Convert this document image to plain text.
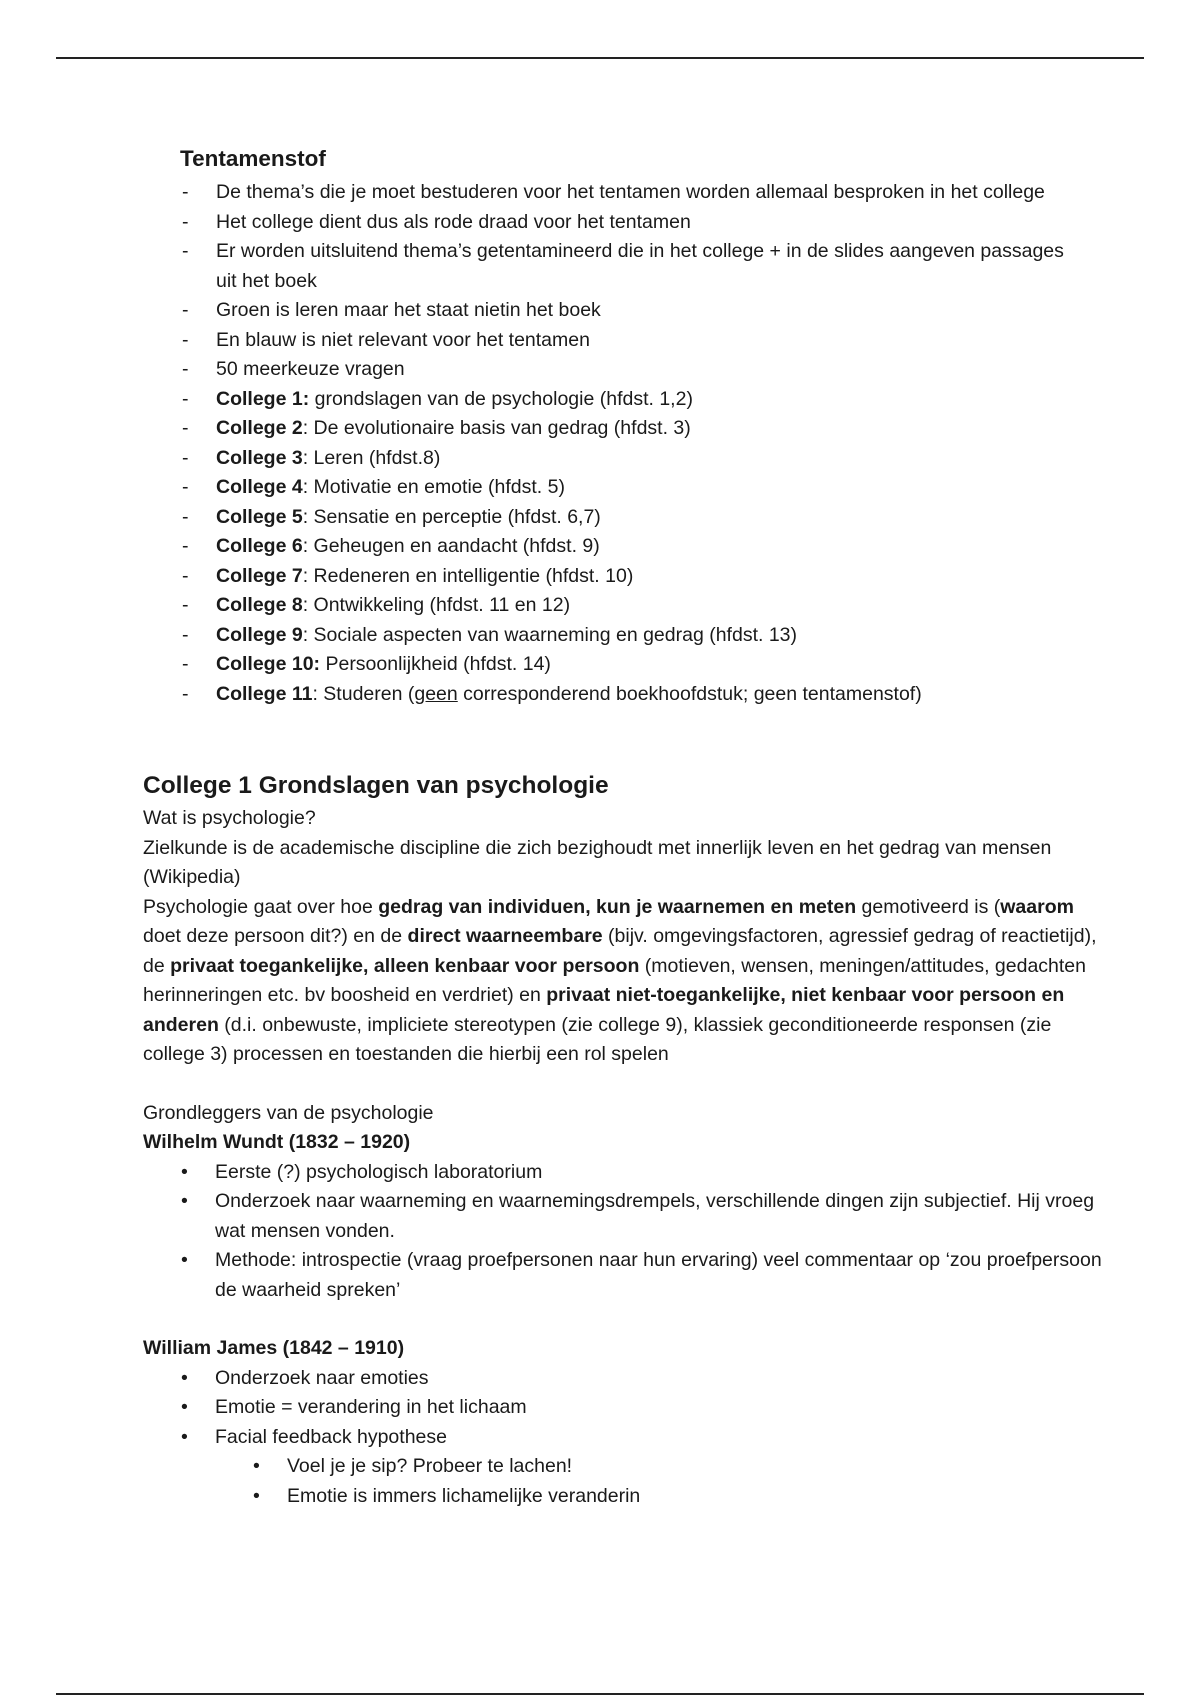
Tentamenstof
- De thema’s die je moet bestuderen voor het tentamen worden allemaal besproken in het college
- Het college dient dus als rode draad voor het tentamen
- Er worden uitsluitend thema’s getentamineerd die in het college + in de slides aangeven passages uit het boek
- Groen is leren maar het staat nietin het boek
- En blauw is niet relevant voor het tentamen
- 50 meerkeuze vragen
- College 1: grondslagen van de psychologie (hfdst. 1,2)
- College 2: De evolutionaire basis van gedrag (hfdst. 3)
- College 3: Leren (hfdst.8)
- College 4: Motivatie en emotie (hfdst. 5)
- College 5: Sensatie en perceptie (hfdst. 6,7)
- College 6: Geheugen en aandacht (hfdst. 9)
- College 7: Redeneren en intelligentie (hfdst. 10)
- College 8: Ontwikkeling (hfdst. 11 en 12)
- College 9: Sociale aspecten van waarneming en gedrag (hfdst. 13)
- College 10: Persoonlijkheid (hfdst. 14)
- College 11: Studeren (geen corresponderend boekhoofdstuk; geen tentamenstof)
College 1 Grondslagen van psychologie

Wat is psychologie?

Zielkunde is de academische discipline die zich bezighoudt met innerlijk leven en het gedrag van mensen (Wikipedia)

Psychologie gaat over hoe gedrag van individuen, kun je waarnemen en meten gemotiveerd is (waarom doet deze persoon dit?) en de direct waarneembare (bijv. omgevingsfactoren, agressief gedrag of reactietijd), de privaat toegankelijke, alleen kenbaar voor persoon (motieven, wensen, meningen/attitudes, gedachten herinneringen etc. bv boosheid en verdriet) en privaat niet-toegankelijke, niet kenbaar voor persoon en anderen (d.i. onbewuste, impliciete stereotypen (zie college 9), klassiek geconditioneerde responsen (zie college 3) processen en toestanden die hierbij een rol spelen

Grondleggers van de psychologie

Wilhelm Wundt (1832 – 1920)

• Eerste (?) psychologisch laboratorium
• Onderzoek naar waarneming en waarnemingsdrempels, verschillende dingen zijn subjectief. Hij vroeg wat mensen vonden.
• Methode: introspectie (vraag proefpersonen naar hun ervaring) veel commentaar op ‘zou proefpersoon de waarheid spreken’

William James (1842 – 1910)

• Onderzoek naar emoties
• Emotie = verandering in het lichaam
• Facial feedback hypothese
• Voel je je sip? Probeer te lachen!
• Emotie is immers lichamelijke veranderin
